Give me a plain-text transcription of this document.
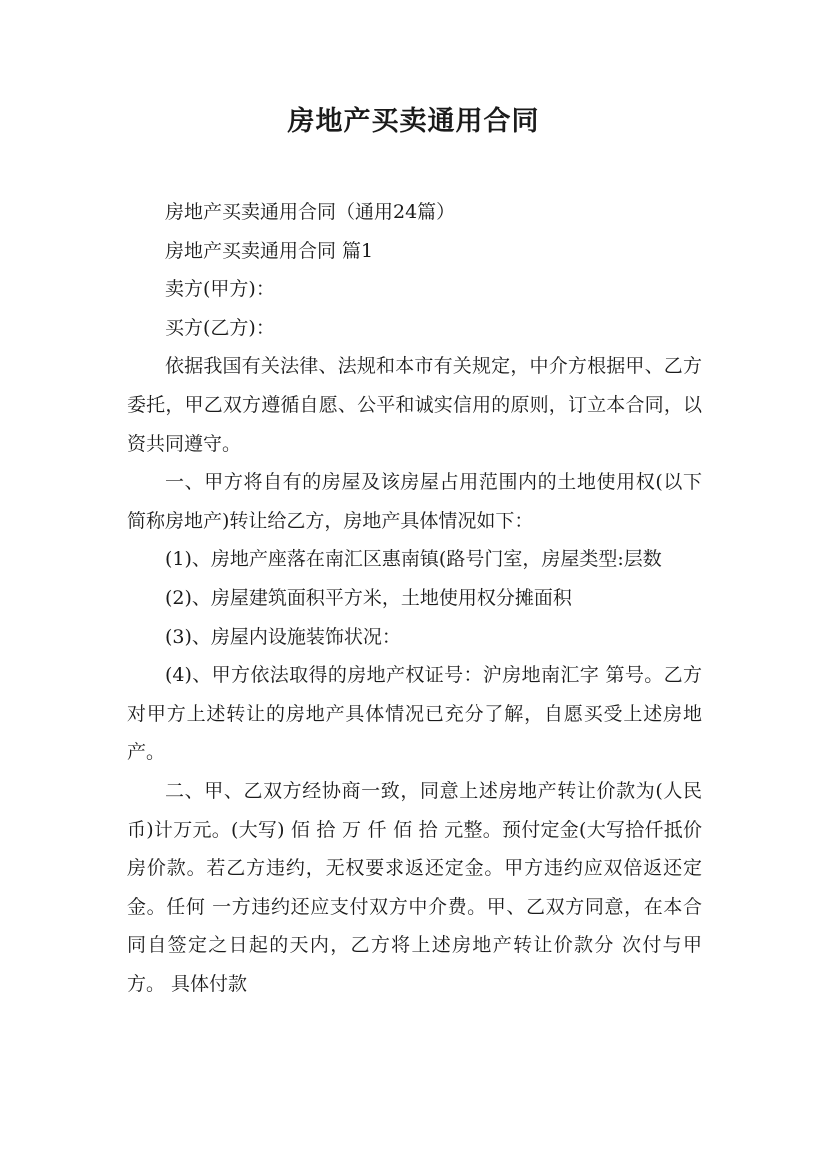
房地产买卖通用合同

房地产买卖通用合同（通用24篇）

房地产买卖通用合同 篇1

卖方(甲方)：

买方(乙方)：

依据我国有关法律、法规和本市有关规定，中介方根据甲、乙方委托，甲乙双方遵循自愿、公平和诚实信用的原则，订立本合同，以资共同遵守。

一、甲方将自有的房屋及该房屋占用范围内的土地使用权(以下简称房地产)转让给乙方，房地产具体情况如下：

(1)、房地产座落在南汇区惠南镇(路号门室，房屋类型:层数

(2)、房屋建筑面积平方米，土地使用权分摊面积

(3)、房屋内设施装饰状况：

(4)、甲方依法取得的房地产权证号：沪房地南汇字 第号。乙方对甲方上述转让的房地产具体情况已充分了解，自愿买受上述房地产。

二、甲、乙双方经协商一致，同意上述房地产转让价款为(人民币)计万元。(大写) 佰 拾 万 仟 佰 拾 元整。预付定金(大写拾仟抵价房价款。若乙方违约，无权要求返还定金。甲方违约应双倍返还定金。任何 一方违约还应支付双方中介费。甲、乙双方同意，在本合同自签定之日起的天内，乙方将上述房地产转让价款分 次付与甲方。 具体付款
